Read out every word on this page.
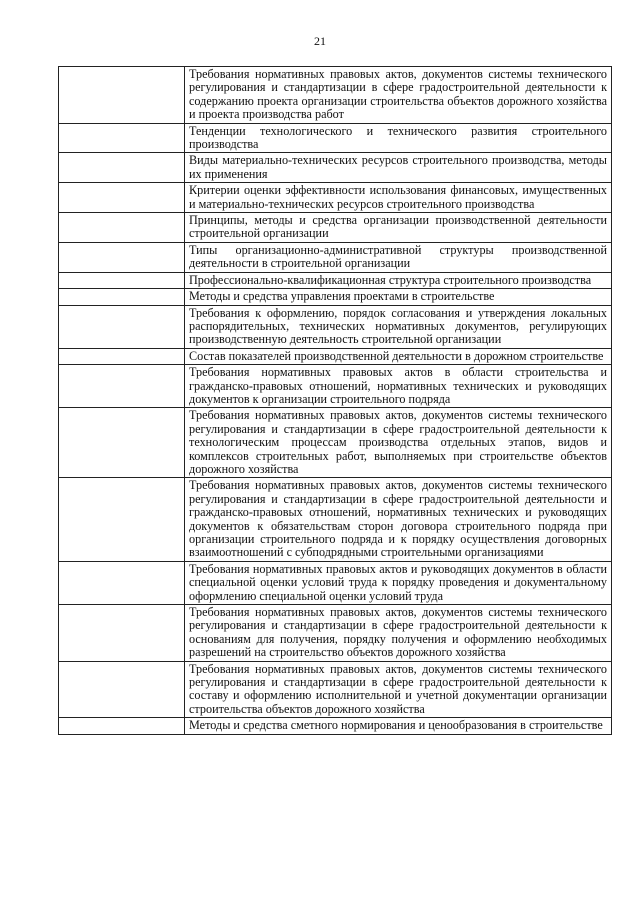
21

	Требования нормативных правовых актов, документов системы технического регулирования и стандартизации в сфере градостроительной деятельности к содержанию проекта организации строительства объектов дорожного хозяйства и проекта производства работ

	Тенденции технологического и технического развития строительного производства

	Виды материально-технических ресурсов строительного производства, методы их применения

	Критерии оценки эффективности использования финансовых, имущественных и материально-технических ресурсов строительного производства

	Принципы, методы и средства организации производственной деятельности строительной организации

	Типы организационно-административной структуры производственной деятельности в строительной организации

	Профессионально-квалификационная структура строительного производства

	Методы и средства управления проектами в строительстве

	Требования к оформлению, порядок согласования и утверждения локальных распорядительных, технических нормативных документов, регулирующих производственную деятельность строительной организации

	Состав показателей производственной деятельности в дорожном строительстве

	Требования нормативных правовых актов в области строительства и гражданско-правовых отношений, нормативных технических и руководящих документов к организации строительного подряда

	Требования нормативных правовых актов, документов системы технического регулирования и стандартизации в сфере градостроительной деятельности к технологическим процессам производства отдельных этапов, видов и комплексов строительных работ, выполняемых при строительстве объектов дорожного хозяйства

	Требования нормативных правовых актов, документов системы технического регулирования и стандартизации в сфере градостроительной деятельности и гражданско-правовых отношений, нормативных технических и руководящих документов к обязательствам сторон договора строительного подряда при организации строительного подряда и к порядку осуществления договорных взаимоотношений с субподрядными строительными организациями

	Требования нормативных правовых актов и руководящих документов в области специальной оценки условий труда к порядку проведения и документальному оформлению специальной оценки условий труда

	Требования нормативных правовых актов, документов системы технического регулирования и стандартизации в сфере градостроительной деятельности к основаниям для получения, порядку получения и оформлению необходимых разрешений на строительство объектов дорожного хозяйства

	Требования нормативных правовых актов, документов системы технического регулирования и стандартизации в сфере градостроительной деятельности к составу и оформлению исполнительной и учетной документации организации строительства объектов дорожного хозяйства

	Методы и средства сметного нормирования и ценообразования в строительстве
